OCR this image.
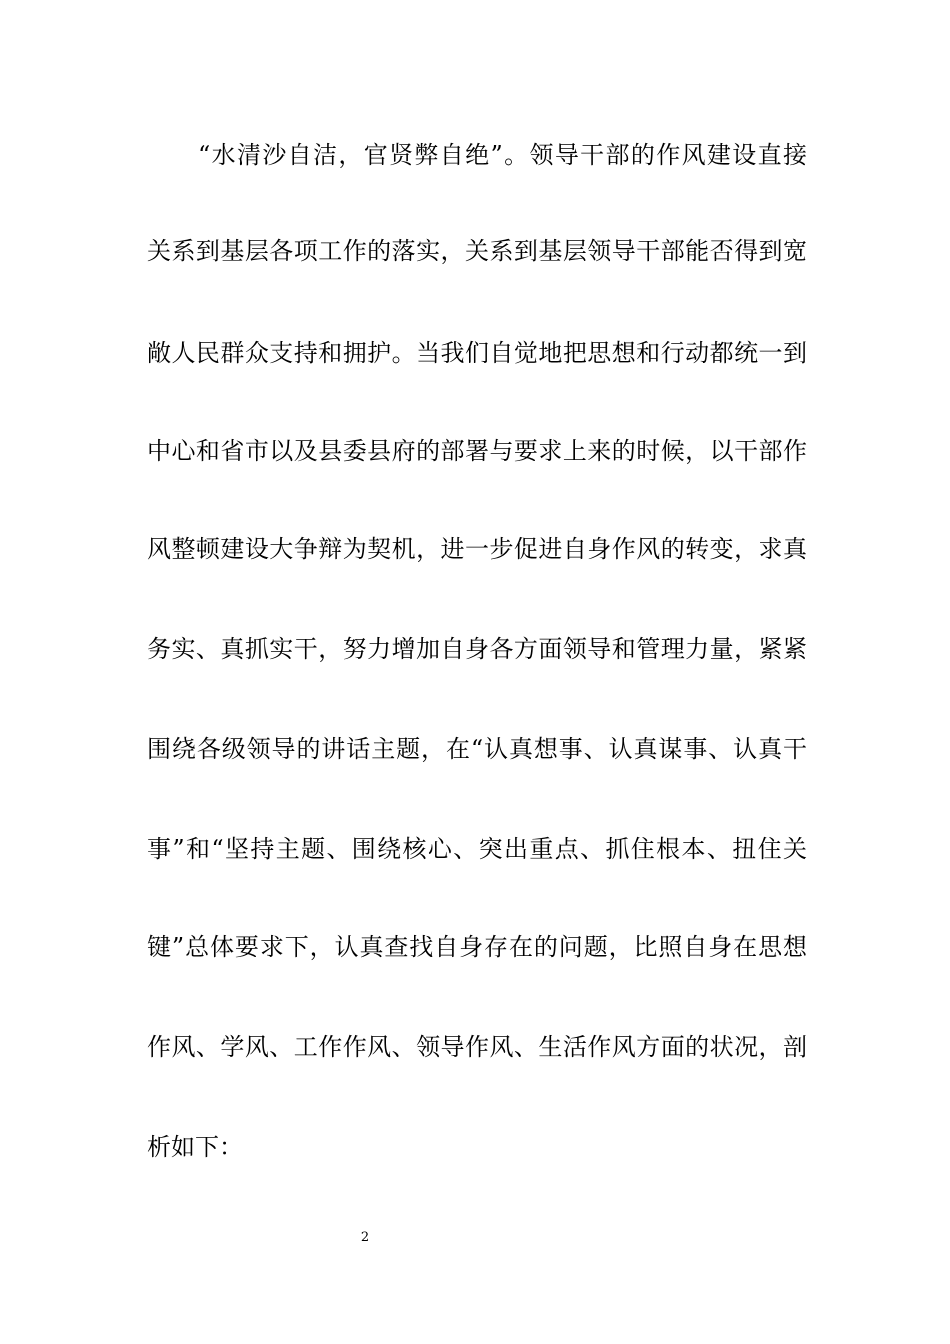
“水清沙自洁，官贤弊自绝”。领导干部的作风建设直接
关系到基层各项工作的落实，关系到基层领导干部能否得到宽
敞人民群众支持和拥护。当我们自觉地把思想和行动都统一到
中心和省市以及县委县府的部署与要求上来的时候，以干部作
风整顿建设大争辩为契机，进一步促进自身作风的转变，求真
务实、真抓实干，努力增加自身各方面领导和管理力量，紧紧
围绕各级领导的讲话主题，在“认真想事、认真谋事、认真干
事”和“坚持主题、围绕核心、突出重点、抓住根本、扭住关
键”总体要求下，认真查找自身存在的问题，比照自身在思想
作风、学风、工作作风、领导作风、生活作风方面的状况，剖
析如下：
2
